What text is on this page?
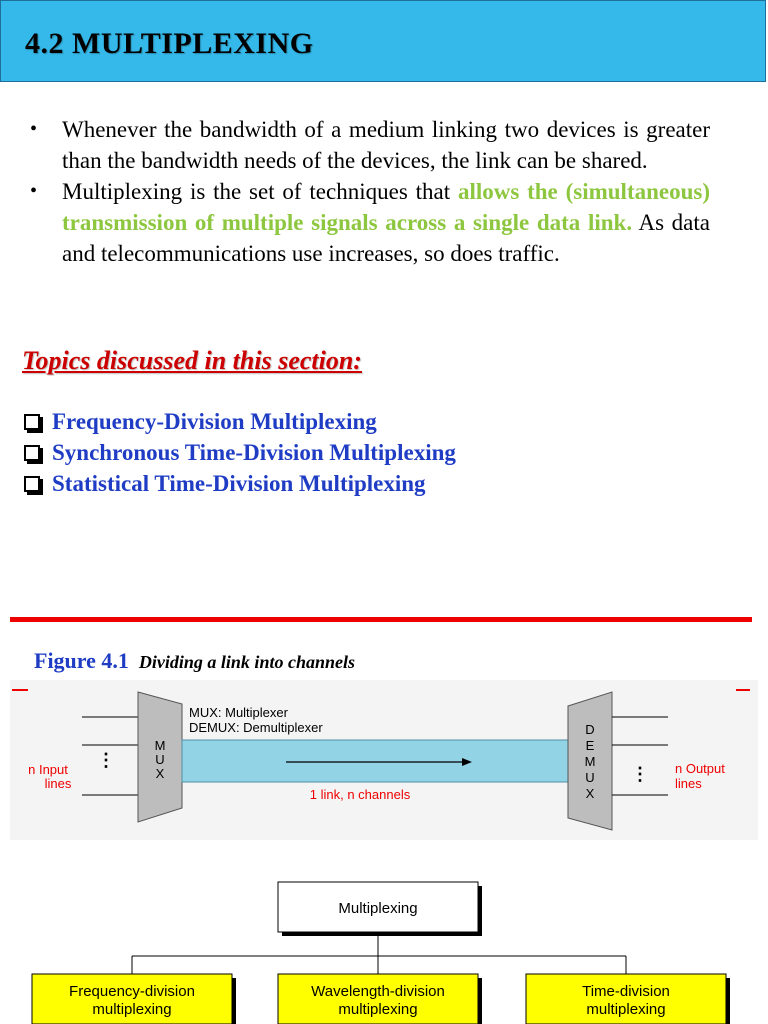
4.2 MULTIPLEXING
• Whenever the bandwidth of a medium linking two devices is greater than the bandwidth needs of the devices, the link can be shared.
• Multiplexing is the set of techniques that allows the (simultaneous) transmission of multiple signals across a single data link. As data and telecommunications use increases, so does traffic.
Topics discussed in this section:
Frequency-Division Multiplexing
Synchronous Time-Division Multiplexing
Statistical Time-Division Multiplexing
Figure 4.1 Dividing a link into channels
⋮
n Input
lines
M
U
X
MUX: Multiplexer
DEMUX: Demultiplexer
1 link, n channels
D
E
M
U
X
⋮ n Output
lines
Multiplexing
Frequency-division
multiplexing
Wavelength-division
multiplexing
Time-division
multiplexing
